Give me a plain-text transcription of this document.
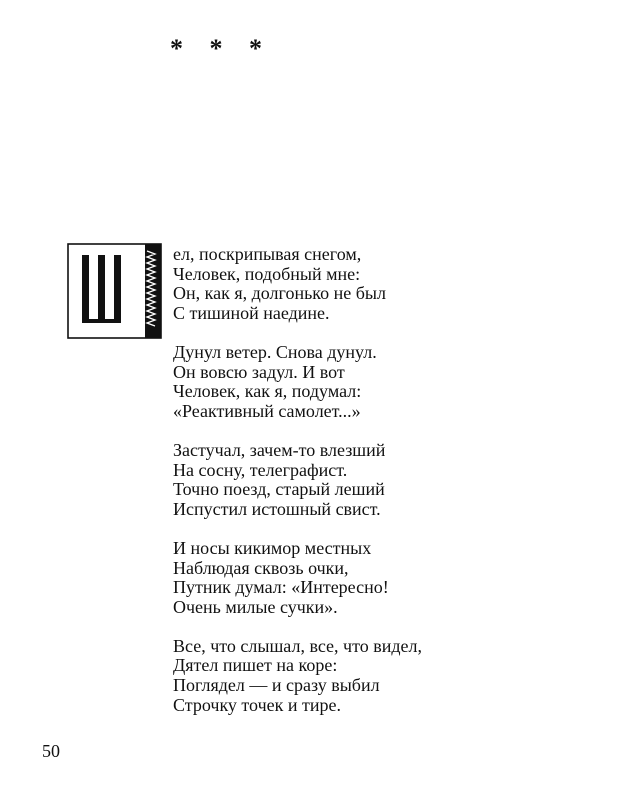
* * *
ел, поскрипывая снегом,
Человек, подобный мне:
Он, как я, долгонько не был
С тишиной наедине.
Дунул ветер. Снова дунул.
Он вовсю задул. И вот
Человек, как я, подумал:
«Реактивный самолет...»
Застучал, зачем-то влезший
На сосну, телеграфист.
Точно поезд, старый леший
Испустил истошный свист.
И носы кикимор местных
Наблюдая сквозь очки,
Путник думал: «Интересно!
Очень милые сучки».
Все, что слышал, все, что видел,
Дятел пишет на коре:
Поглядел — и сразу выбил
Строчку точек и тире.
50
